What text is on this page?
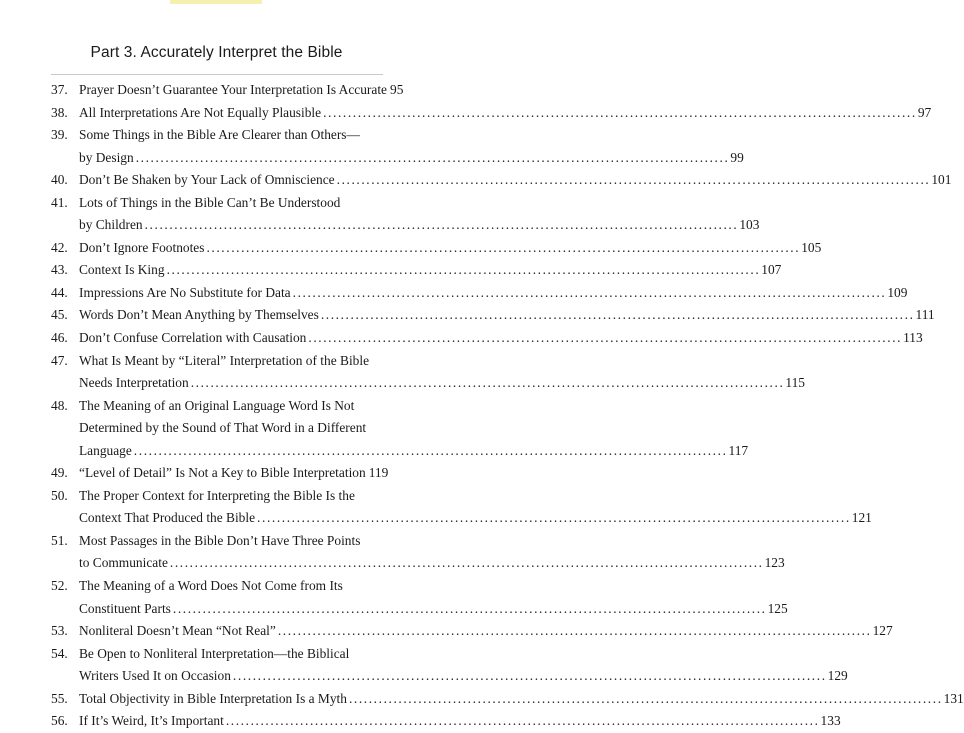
Part 3. Accurately Interpret the Bible
37. Prayer Doesn’t Guarantee Your Interpretation Is Accurate 95
38. All Interpretations Are Not Equally Plausible ........................................................................................................................ 97
39. Some Things in the Bible Are Clearer than Others—
by Design ........................................................................................................................ 99
40. Don’t Be Shaken by Your Lack of Omniscience ........................................................................................................................ 101
41. Lots of Things in the Bible Can’t Be Understood
by Children ........................................................................................................................ 103
42. Don’t Ignore Footnotes ........................................................................................................................ 105
43. Context Is King ........................................................................................................................ 107
44. Impressions Are No Substitute for Data ........................................................................................................................ 109
45. Words Don’t Mean Anything by Themselves ........................................................................................................................ 111
46. Don’t Confuse Correlation with Causation ........................................................................................................................ 113
47. What Is Meant by “Literal” Interpretation of the Bible
Needs Interpretation ........................................................................................................................ 115
48. The Meaning of an Original Language Word Is Not
Determined by the Sound of That Word in a Different
Language ........................................................................................................................ 117
49. “Level of Detail” Is Not a Key to Bible Interpretation 119
50. The Proper Context for Interpreting the Bible Is the
Context That Produced the Bible ........................................................................................................................ 121
51. Most Passages in the Bible Don’t Have Three Points
to Communicate ........................................................................................................................ 123
52. The Meaning of a Word Does Not Come from Its
Constituent Parts ........................................................................................................................ 125
53. Nonliteral Doesn’t Mean “Not Real” ........................................................................................................................ 127
54. Be Open to Nonliteral Interpretation—the Biblical
Writers Used It on Occasion ........................................................................................................................ 129
55. Total Objectivity in Bible Interpretation Is a Myth ........................................................................................................................ 131
56. If It’s Weird, It’s Important ........................................................................................................................ 133
